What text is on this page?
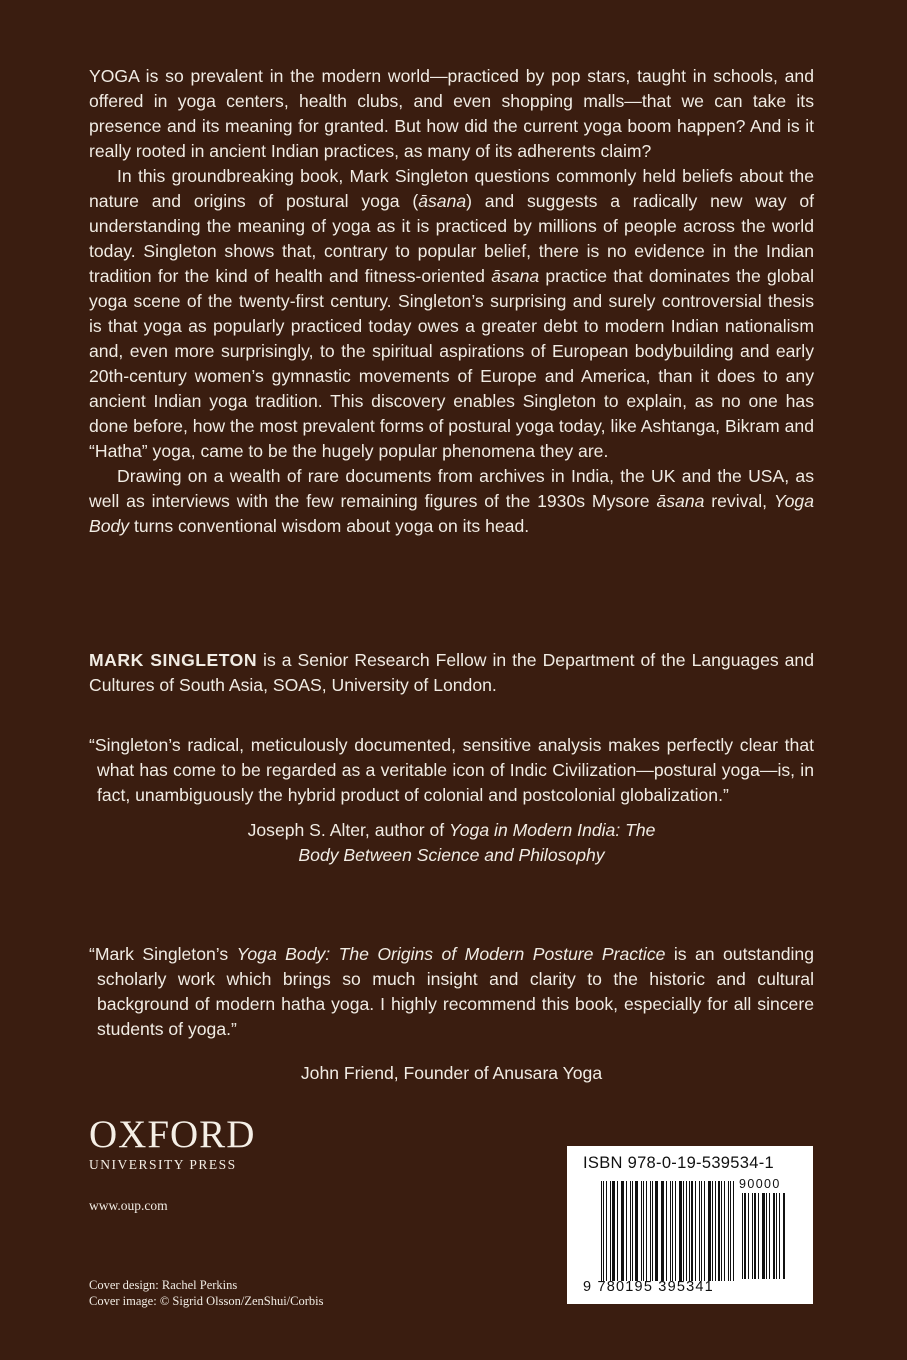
YOGA is so prevalent in the modern world—practiced by pop stars, taught in schools, and offered in yoga centers, health clubs, and even shopping malls—that we can take its presence and its meaning for granted. But how did the current yoga boom happen? And is it really rooted in ancient Indian practices, as many of its adherents claim?

In this groundbreaking book, Mark Singleton questions commonly held beliefs about the nature and origins of postural yoga (āsana) and suggests a radically new way of understanding the meaning of yoga as it is practiced by millions of people across the world today. Singleton shows that, contrary to popular belief, there is no evidence in the Indian tradition for the kind of health and fitness-oriented āsana practice that dominates the global yoga scene of the twenty-first century. Singleton’s surprising and surely controversial thesis is that yoga as popularly practiced today owes a greater debt to modern Indian nationalism and, even more surprisingly, to the spiritual aspirations of European bodybuilding and early 20th-century women’s gymnastic movements of Europe and America, than it does to any ancient Indian yoga tradition. This discovery enables Singleton to explain, as no one has done before, how the most prevalent forms of postural yoga today, like Ashtanga, Bikram and “Hatha” yoga, came to be the hugely popular phenomena they are.

Drawing on a wealth of rare documents from archives in India, the UK and the USA, as well as interviews with the few remaining figures of the 1930s Mysore āsana revival, Yoga Body turns conventional wisdom about yoga on its head.

MARK SINGLETON is a Senior Research Fellow in the Department of the Languages and Cultures of South Asia, SOAS, University of London.
“Singleton’s radical, meticulously documented, sensitive analysis makes perfectly clear that what has come to be regarded as a veritable icon of Indic Civilization—postural yoga—is, in fact, unambiguously the hybrid product of colonial and postcolonial globalization.”
Joseph S. Alter, author of Yoga in Modern India: The
Body Between Science and Philosophy
“Mark Singleton’s Yoga Body: The Origins of Modern Posture Practice is an outstanding scholarly work which brings so much insight and clarity to the historic and cultural background of modern hatha yoga. I highly recommend this book, especially for all sincere students of yoga.”
John Friend, Founder of Anusara Yoga
OXFORD
UNIVERSITY PRESS
www.oup.com
Cover design: Rachel Perkins
Cover image: © Sigrid Olsson/ZenShui/Corbis
ISBN 978-0-19-539534-1
90000
9 780195 395341
